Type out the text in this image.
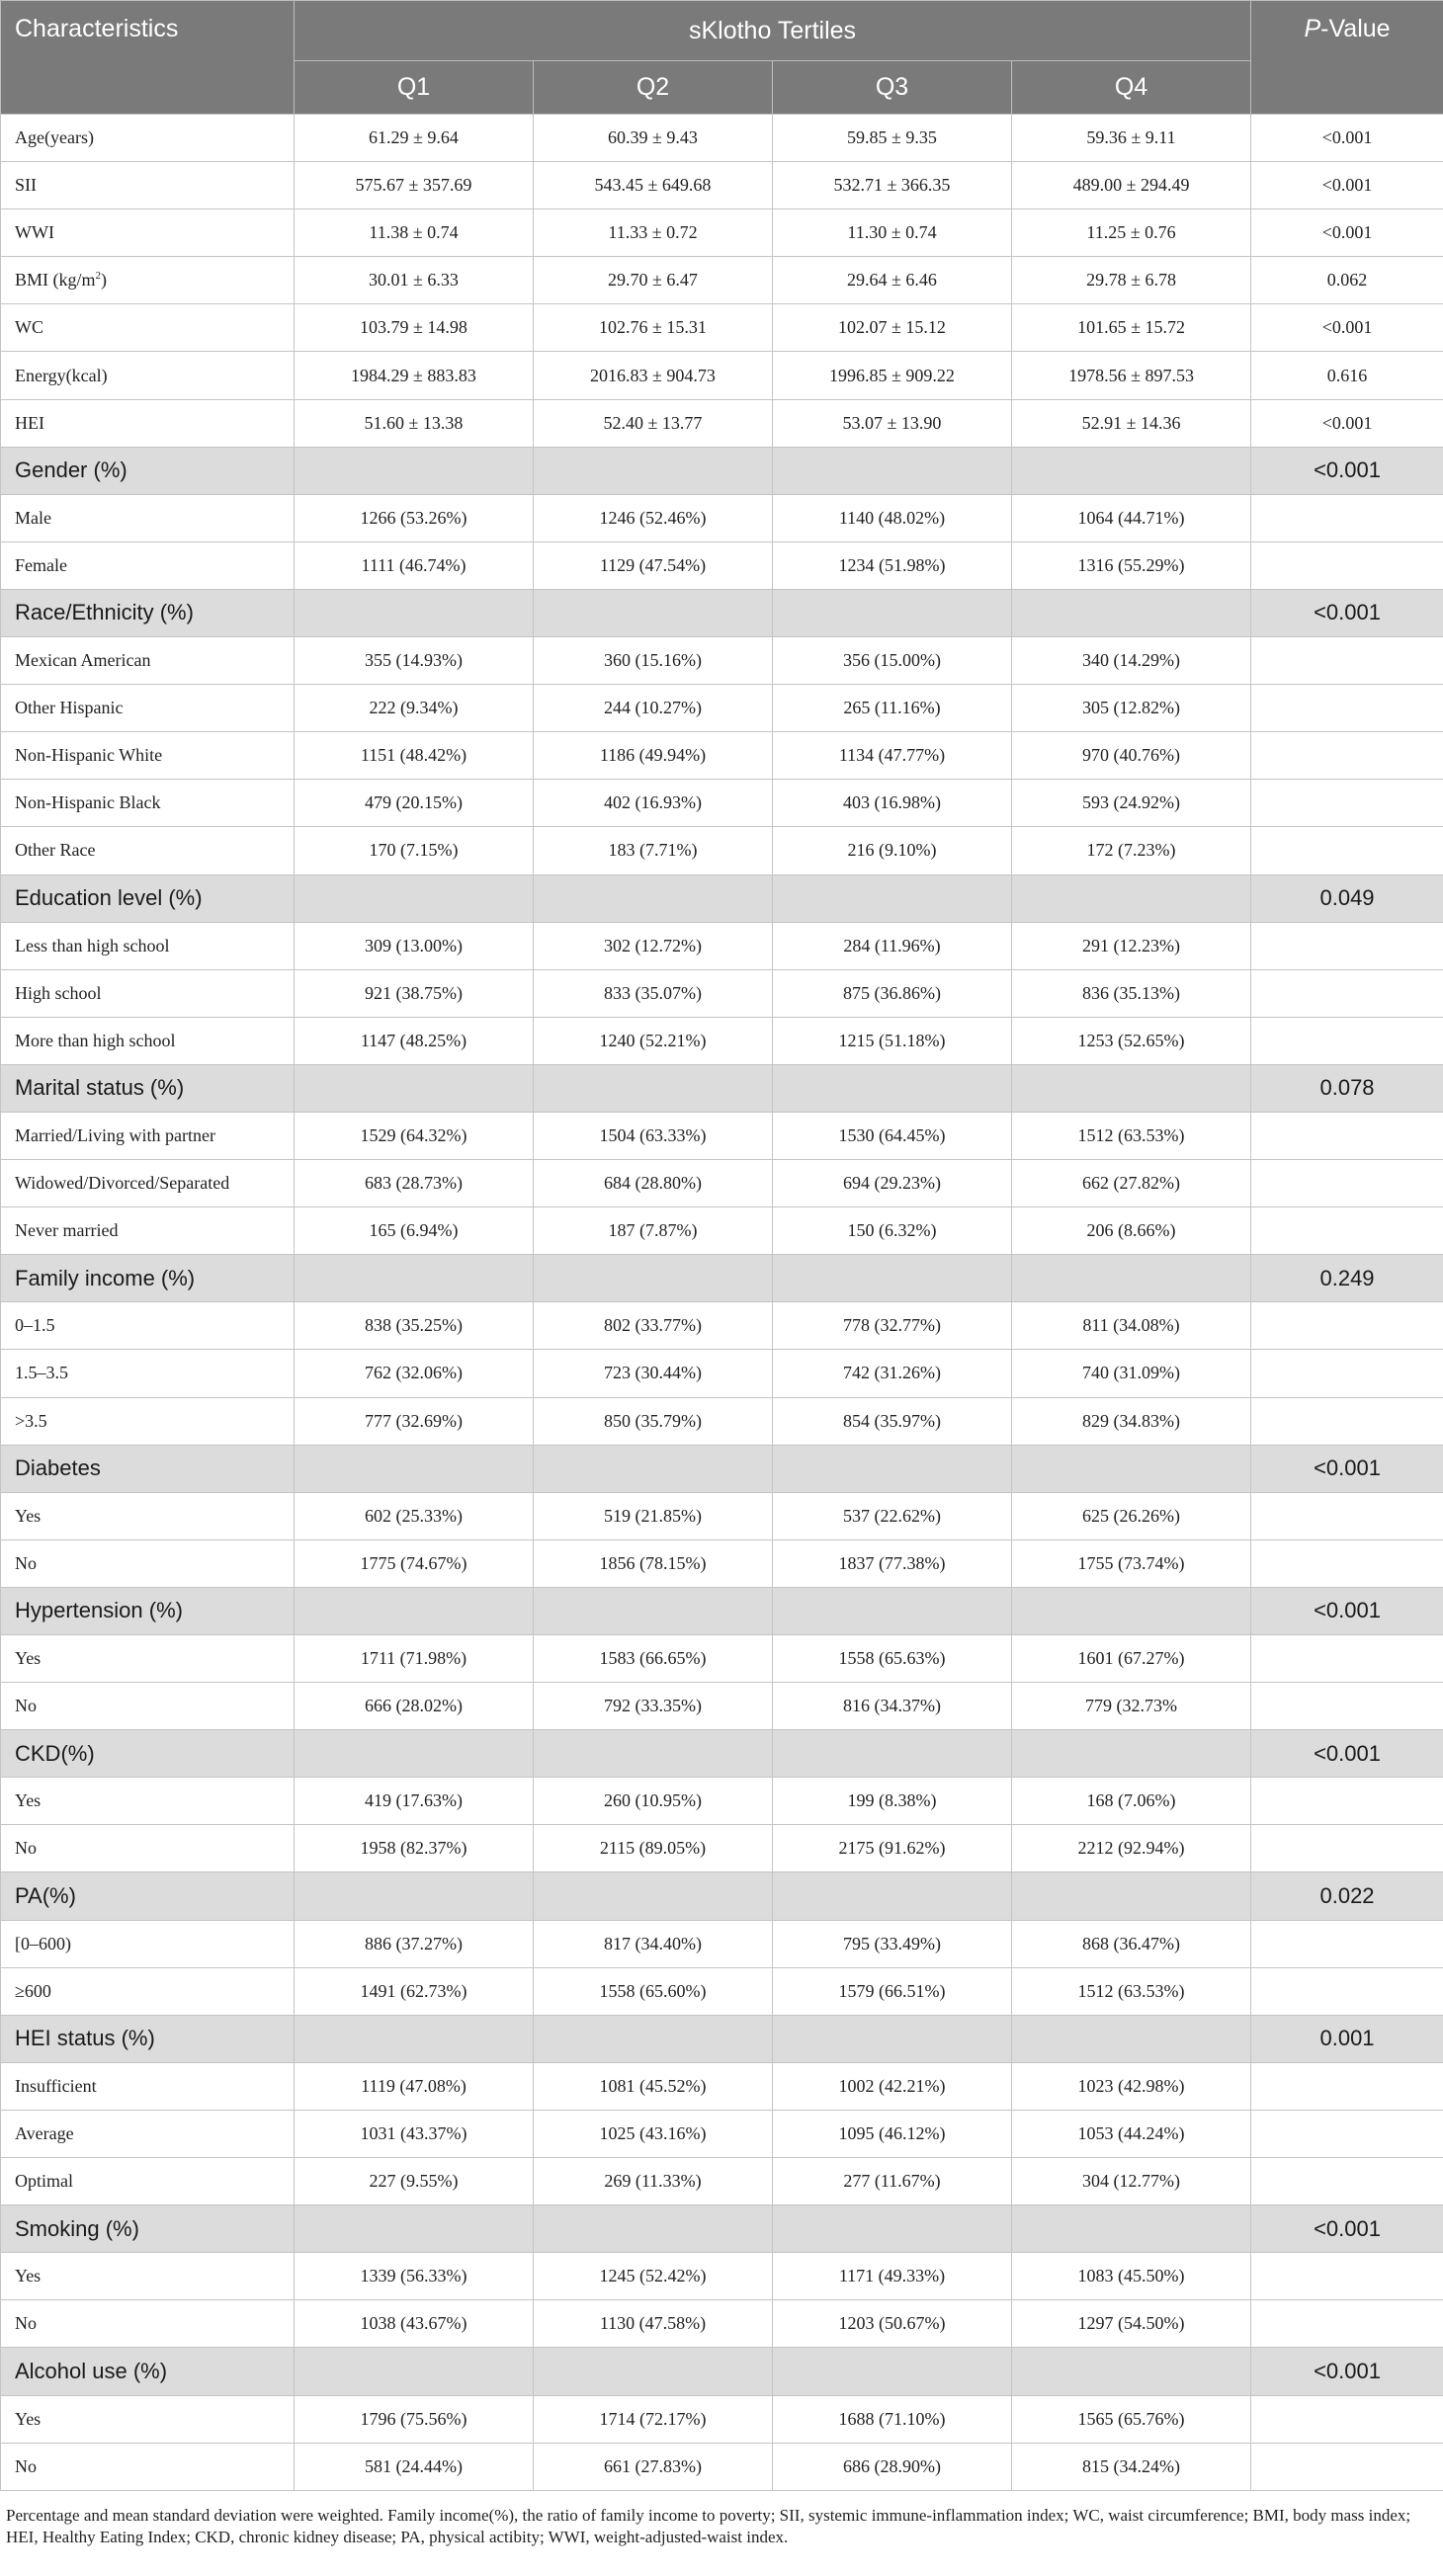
Characteristics	sKlotho Tertiles				P-Value
	Q1	Q2	Q3	Q4	
Age(years)	61.29 ± 9.64	60.39 ± 9.43	59.85 ± 9.35	59.36 ± 9.11	<0.001
SII	575.67 ± 357.69	543.45 ± 649.68	532.71 ± 366.35	489.00 ± 294.49	<0.001
WWI	11.38 ± 0.74	11.33 ± 0.72	11.30 ± 0.74	11.25 ± 0.76	<0.001
BMI $(kg/m^2)$	30.01 ± 6.33	29.70 ± 6.47	29.64 ± 6.46	29.78 ± 6.78	0.062
WC	103.79 ± 14.98	102.76 ± 15.31	102.07 ± 15.12	101.65 ± 15.72	<0.001
Energy(kcal)	1984.29 ± 883.83	2016.83 ± 904.73	1996.85 ± 909.22	1978.56 ± 897.53	0.616
HEI	51.60 ± 13.38	52.40 ± 13.77	53.07 ± 13.90	52.91 ± 14.36	<0.001
Gender (%)					<0.001
Male	1266 (53.26%)	1246 (52.46%)	1140 (48.02%)	1064 (44.71%)	
Female	1111 (46.74%)	1129 (47.54%)	1234 (51.98%)	1316 (55.29%)	
Race/Ethnicity (%)					<0.001
Mexican American	355 (14.93%)	360 (15.16%)	356 (15.00%)	340 (14.29%)	
Other Hispanic	222 (9.34%)	244 (10.27%)	265 (11.16%)	305 (12.82%)	
Non-Hispanic White	1151 (48.42%)	1186 (49.94%)	1134 (47.77%)	970 (40.76%)	
Non-Hispanic Black	479 (20.15%)	402 (16.93%)	403 (16.98%)	593 (24.92%)	
Other Race	170 (7.15%)	183 (7.71%)	216 (9.10%)	172 (7.23%)	
Education level (%)					0.049
Less than high school	309 (13.00%)	302 (12.72%)	284 (11.96%)	291 (12.23%)	
High school	921 (38.75%)	833 (35.07%)	875 (36.86%)	836 (35.13%)	
More than high school	1147 (48.25%)	1240 (52.21%)	1215 (51.18%)	1253 (52.65%)	
Marital status (%)					0.078
Married/Living with partner	1529 (64.32%)	1504 (63.33%)	1530 (64.45%)	1512 (63.53%)	
Widowed/Divorced/Separated	683 (28.73%)	684 (28.80%)	694 (29.23%)	662 (27.82%)	
Never married	165 (6.94%)	187 (7.87%)	150 (6.32%)	206 (8.66%)	
Family income (%)					0.249
0–1.5	838 (35.25%)	802 (33.77%)	778 (32.77%)	811 (34.08%)	
1.5–3.5	762 (32.06%)	723 (30.44%)	742 (31.26%)	740 (31.09%)	
>3.5	777 (32.69%)	850 (35.79%)	854 (35.97%)	829 (34.83%)	
Diabetes					<0.001
Yes	602 (25.33%)	519 (21.85%)	537 (22.62%)	625 (26.26%)	
No	1775 (74.67%)	1856 (78.15%)	1837 (77.38%)	1755 (73.74%)	
Hypertension (%)					<0.001
Yes	1711 (71.98%)	1583 (66.65%)	1558 (65.63%)	1601 (67.27%)	
No	666 (28.02%)	792 (33.35%)	816 (34.37%)	779 (32.73%	
CKD(%)					<0.001
Yes	419 (17.63%)	260 (10.95%)	199 (8.38%)	168 (7.06%)	
No	1958 (82.37%)	2115 (89.05%)	2175 (91.62%)	2212 (92.94%)	
PA(%)					0.022
[0–600)	886 (37.27%)	817 (34.40%)	795 (33.49%)	868 (36.47%)	
≥600	1491 (62.73%)	1558 (65.60%)	1579 (66.51%)	1512 (63.53%)	
HEI status (%)					0.001
Insufficient	1119 (47.08%)	1081 (45.52%)	1002 (42.21%)	1023 (42.98%)	
Average	1031 (43.37%)	1025 (43.16%)	1095 (46.12%)	1053 (44.24%)	
Optimal	227 (9.55%)	269 (11.33%)	277 (11.67%)	304 (12.77%)	
Smoking (%)					<0.001
Yes	1339 (56.33%)	1245 (52.42%)	1171 (49.33%)	1083 (45.50%)	
No	1038 (43.67%)	1130 (47.58%)	1203 (50.67%)	1297 (54.50%)	
Alcohol use (%)					<0.001
Yes	1796 (75.56%)	1714 (72.17%)	1688 (71.10%)	1565 (65.76%)	
No	581 (24.44%)	661 (27.83%)	686 (28.90%)	815 (34.24%)	
Percentage and mean standard deviation were weighted. Family income(%), the ratio of family income to poverty; SII, systemic immune-inflammation index; WC, waist circumference; BMI, body mass index; HEI, Healthy Eating Index; CKD, chronic kidney disease; PA, physical actibity; WWI, weight-adjusted-waist index.
